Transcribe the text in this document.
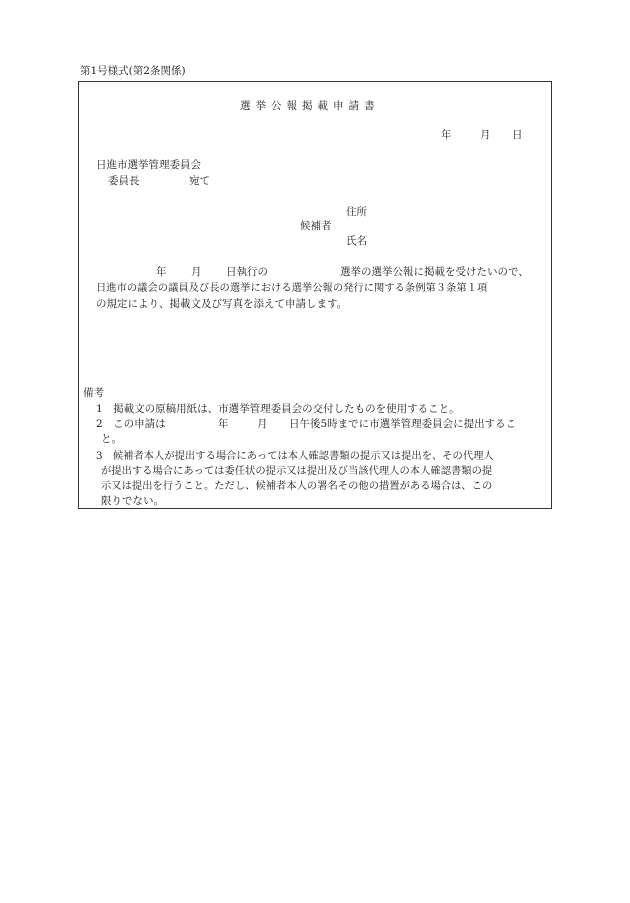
第1号様式(第2条関係)
選挙公報掲載申請書
年	月 日
日進市選挙管理委員会
委員長	宛て
住所
候補者
氏名
年 月 日執行の	選挙の選挙公報に掲載を受けたいので、
日進市の議会の議員及び長の選挙における選挙公報の発行に関する条例第３条第１項
の規定により、掲載文及び写真を添えて申請します。
備考
1　掲載文の原稿用紙は、市選挙管理委員会の交付したものを使用すること。
2　この申請は	年	月 日午後5時までに市選挙管理委員会に提出するこ
と。
3　候補者本人が提出する場合にあっては本人確認書類の提示又は提出を、その代理人
が提出する場合にあっては委任状の提示又は提出及び当該代理人の本人確認書類の提
示又は提出を行うこと。ただし、候補者本人の署名その他の措置がある場合は、この
限りでない。
